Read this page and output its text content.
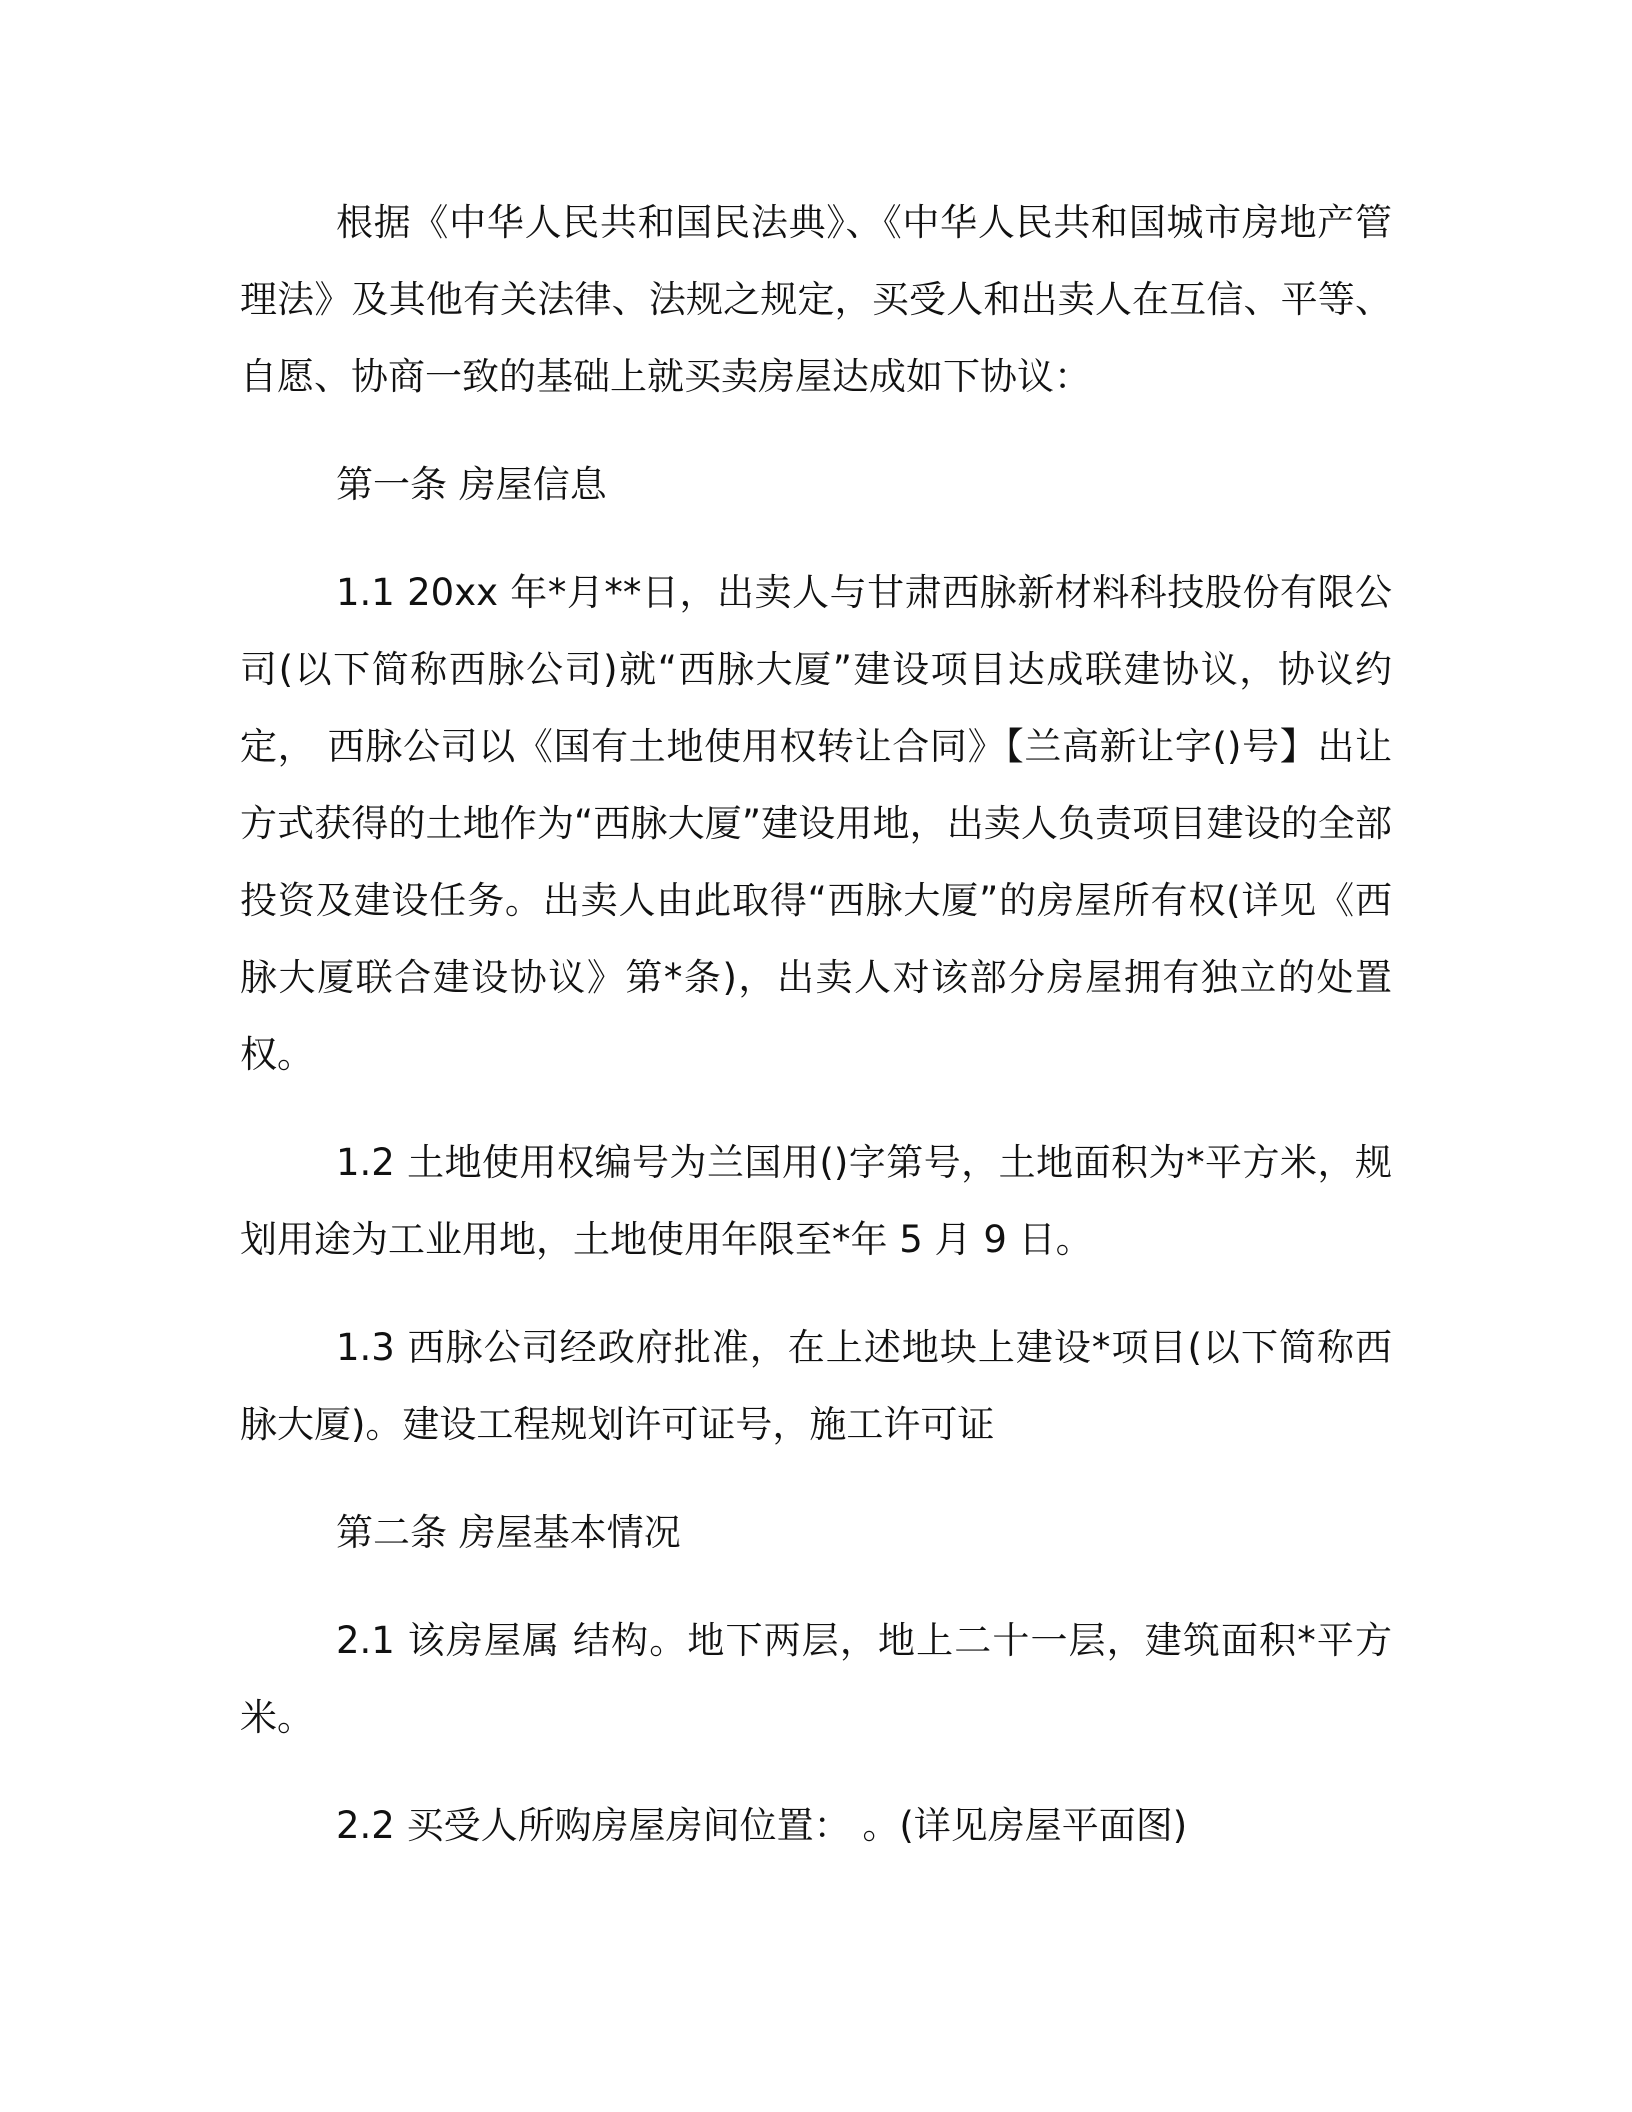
根据《中华人民共和国民法典》、《中华人民共和国城市房地产管理法》及其他有关法律、法规之规定，买受人和出卖人在互信、平等、自愿、协商一致的基础上就买卖房屋达成如下协议：

第一条 房屋信息

1.1 20xx 年*月**日，出卖人与甘肃西脉新材料科技股份有限公司(以下简称西脉公司)就“西脉大厦”建设项目达成联建协议，协议约定， 西脉公司以《国有土地使用权转让合同》【兰高新让字()号】出让方式获得的土地作为“西脉大厦”建设用地，出卖人负责项目建设的全部投资及建设任务。出卖人由此取得“西脉大厦”的房屋所有权(详见《西脉大厦联合建设协议》第*条)，出卖人对该部分房屋拥有独立的处置权。

1.2 土地使用权编号为兰国用()字第号，土地面积为*平方米，规划用途为工业用地，土地使用年限至*年 5 月 9 日。

1.3 西脉公司经政府批准，在上述地块上建设*项目(以下简称西脉大厦)。建设工程规划许可证号，施工许可证

第二条 房屋基本情况

2.1 该房屋属 结构。地下两层，地上二十一层，建筑面积*平方米。

2.2 买受人所购房屋房间位置： 。(详见房屋平面图)
